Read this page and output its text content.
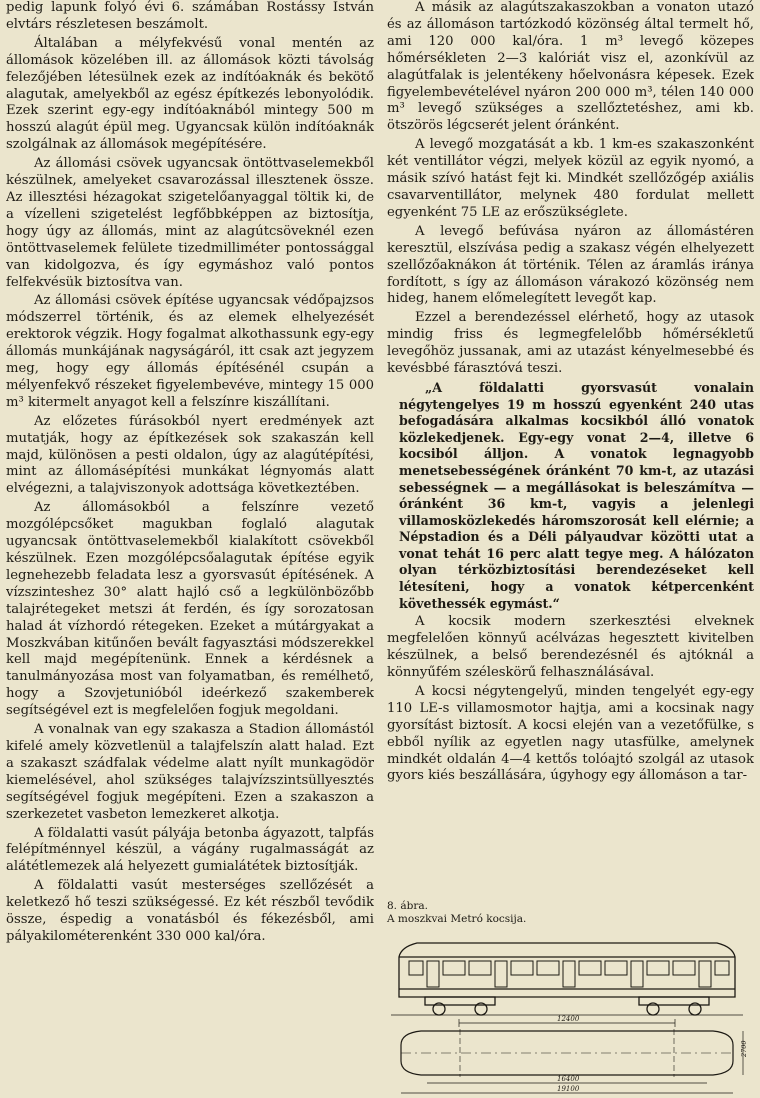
pedig lapunk folyó évi 6. számában Rostássy István elvtárs részletesen beszámolt.

Általában a mélyfekvésű vonal mentén az állomások közelében ill. az állomások közti távolság felezőjében létesülnek ezek az indítóaknák és bekötő alagutak, amelyekből az egész építkezés lebonyolódik. Ezek szerint egy-egy indítóaknából mintegy 500 m hosszú alagút épül meg. Ugyancsak külön indítóaknák szolgálnak az állomások megépítésére.

Az állomási csövek ugyancsak öntöttvaselemekből készülnek, amelyeket csavarozással illesztenek össze. Az illesztési hézagokat szigetelőanyaggal töltik ki, de a vízelleni szigetelést legfőbbképpen az biztosítja, hogy úgy az állomás, mint az alagútcsöveknél ezen öntöttvaselemek felülete tizedmilliméter pontossággal van kidolgozva, és így egymáshoz való pontos felfekvésük biztosítva van.

Az állomási csövek építése ugyancsak védőpajzsos módszerrel történik, és az elemek elhelyezését erektorok végzik. Hogy fogalmat alkothassunk egy-egy állomás munkájának nagyságáról, itt csak azt jegyzem meg, hogy egy állomás építésénél csupán a mélyenfekvő részeket figyelembevéve, mintegy 15 000 m³ kitermelt anyagot kell a felszínre kiszállítani.

Az előzetes fúrásokból nyert eredmények azt mutatják, hogy az építkezések sok szakaszán kell majd, különösen a pesti oldalon, úgy az alagútépítési, mint az állomásépítési munkákat légnyomás alatt elvégezni, a talajviszonyok adottsága következtében.

Az állomásokból a felszínre vezető mozgólépcsőket magukban foglaló alagutak ugyancsak öntöttvaselemekből kialakított csövekből készülnek. Ezen mozgólépcsőalagutak építése egyik legnehezebb feladata lesz a gyorsvasút építésének. A vízszinteshez 30° alatt hajló cső a legkülönbözőbb talajrétegeket metszi át ferdén, és így sorozatosan halad át vízhordó rétegeken. Ezeket a mútárgyakat a Moszkvában kitűnően bevált fagyasztási módszerekkel kell majd megépítenünk. Ennek a kérdésnek a tanulmányozása most van folyamatban, és remélhető, hogy a Szovjetunióból ideérkező szakemberek segítségével ezt is megfelelően fogjuk megoldani.

A vonalnak van egy szakasza a Stadion állomástól kifelé amely közvetlenül a talajfelszín alatt halad. Ezt a szakaszt szádfalak védelme alatt nyílt munkagödör kiemelésével, ahol szükséges talajvízszintsüllyesztés segítségével fogjuk megépíteni. Ezen a szakaszon a szerkezetet vasbeton lemezkeret alkotja.

A földalatti vasút pályája betonba ágyazott, talpfás felépítménnyel készül, a vágány rugalmasságát az alátétlemezek alá helyezett gumialátétek biztosítják.

A földalatti vasút mesterséges szellőzését a keletkező hő teszi szükségessé. Ez két részből tevődik össze, éspedig a vonatásból és fékezésből, ami pályakilométerenként 330 000 kal/óra.

A másik az alagútszakaszokban a vonaton utazó és az állomáson tartózkodó közönség által termelt hő, ami 120 000 kal/óra. 1 m³ levegő közepes hőmérsékleten 2—3 kalóriát visz el, azonkívül az alagútfalak is jelentékeny hőelvonásra képesek. Ezek figyelembevételével nyáron 200 000 m³, télen 140 000 m³ levegő szükséges a szellőztetéshez, ami kb. ötszörös légcserét jelent óránként.

A levegő mozgatását a kb. 1 km-es szakaszonként két ventillátor végzi, melyek közül az egyik nyomó, a másik szívó hatást fejt ki. Mindkét szellőzőgép axiális csavarventillátor, melynek 480 fordulat mellett egyenként 75 LE az erőszükséglete.

A levegő befúvása nyáron az állomástéren keresztül, elszívása pedig a szakasz végén elhelyezett szellőzőaknákon át történik. Télen az áramlás iránya fordított, s így az állomáson várakozó közönség nem hideg, hanem előmelegített levegőt kap.

Ezzel a berendezéssel elérhető, hogy az utasok mindig friss és legmegfelelőbb hőmérsékletű levegőhöz jussanak, ami az utazást kényelmesebbé és kevésbbé fárasztóvá teszi.

„A földalatti gyorsvasút vonalain négytengelyes 19 m hosszú egyenként 240 utas befogadására alkalmas kocsikból álló vonatok közlekedjenek. Egy-egy vonat 2—4, illetve 6 kocsiból álljon. A vonatok legnagyobb menetsebességének óránként 70 km-t, az utazási sebességnek — a megállásokat is beleszámítva — óránként 36 km-t, vagyis a jelenlegi villamosközlekedés háromszorosát kell elérnie; a Népstadion és a Déli pályaudvar közötti utat a vonat tehát 16 perc alatt tegye meg. A hálózaton olyan térközbiztosítási berendezéseket kell létesíteni, hogy a vonatok kétpercenként követhessék egymást.“

A kocsik modern szerkesztési elveknek megfelelően könnyű acélvázas hegesztett kivitelben készülnek, a belső berendezésnél és ajtóknál a könnyűfém széleskörű felhasználásával.

A kocsi négytengelyű, minden tengelyét egy-egy 110 LE-s villamosmotor hajtja, ami a kocsinak nagy gyorsítást biztosít. A kocsi elején van a vezetőfülke, s ebből nyílik az egyetlen nagy utasfülke, amelynek mindkét oldalán 4—4 kettős tolóajtó szolgál az utasok gyors kiés beszállására, úgyhogy egy állomáson a tar-

8. ábra.

A moszkvai Metró kocsija.

12400
2700
16400
19100
